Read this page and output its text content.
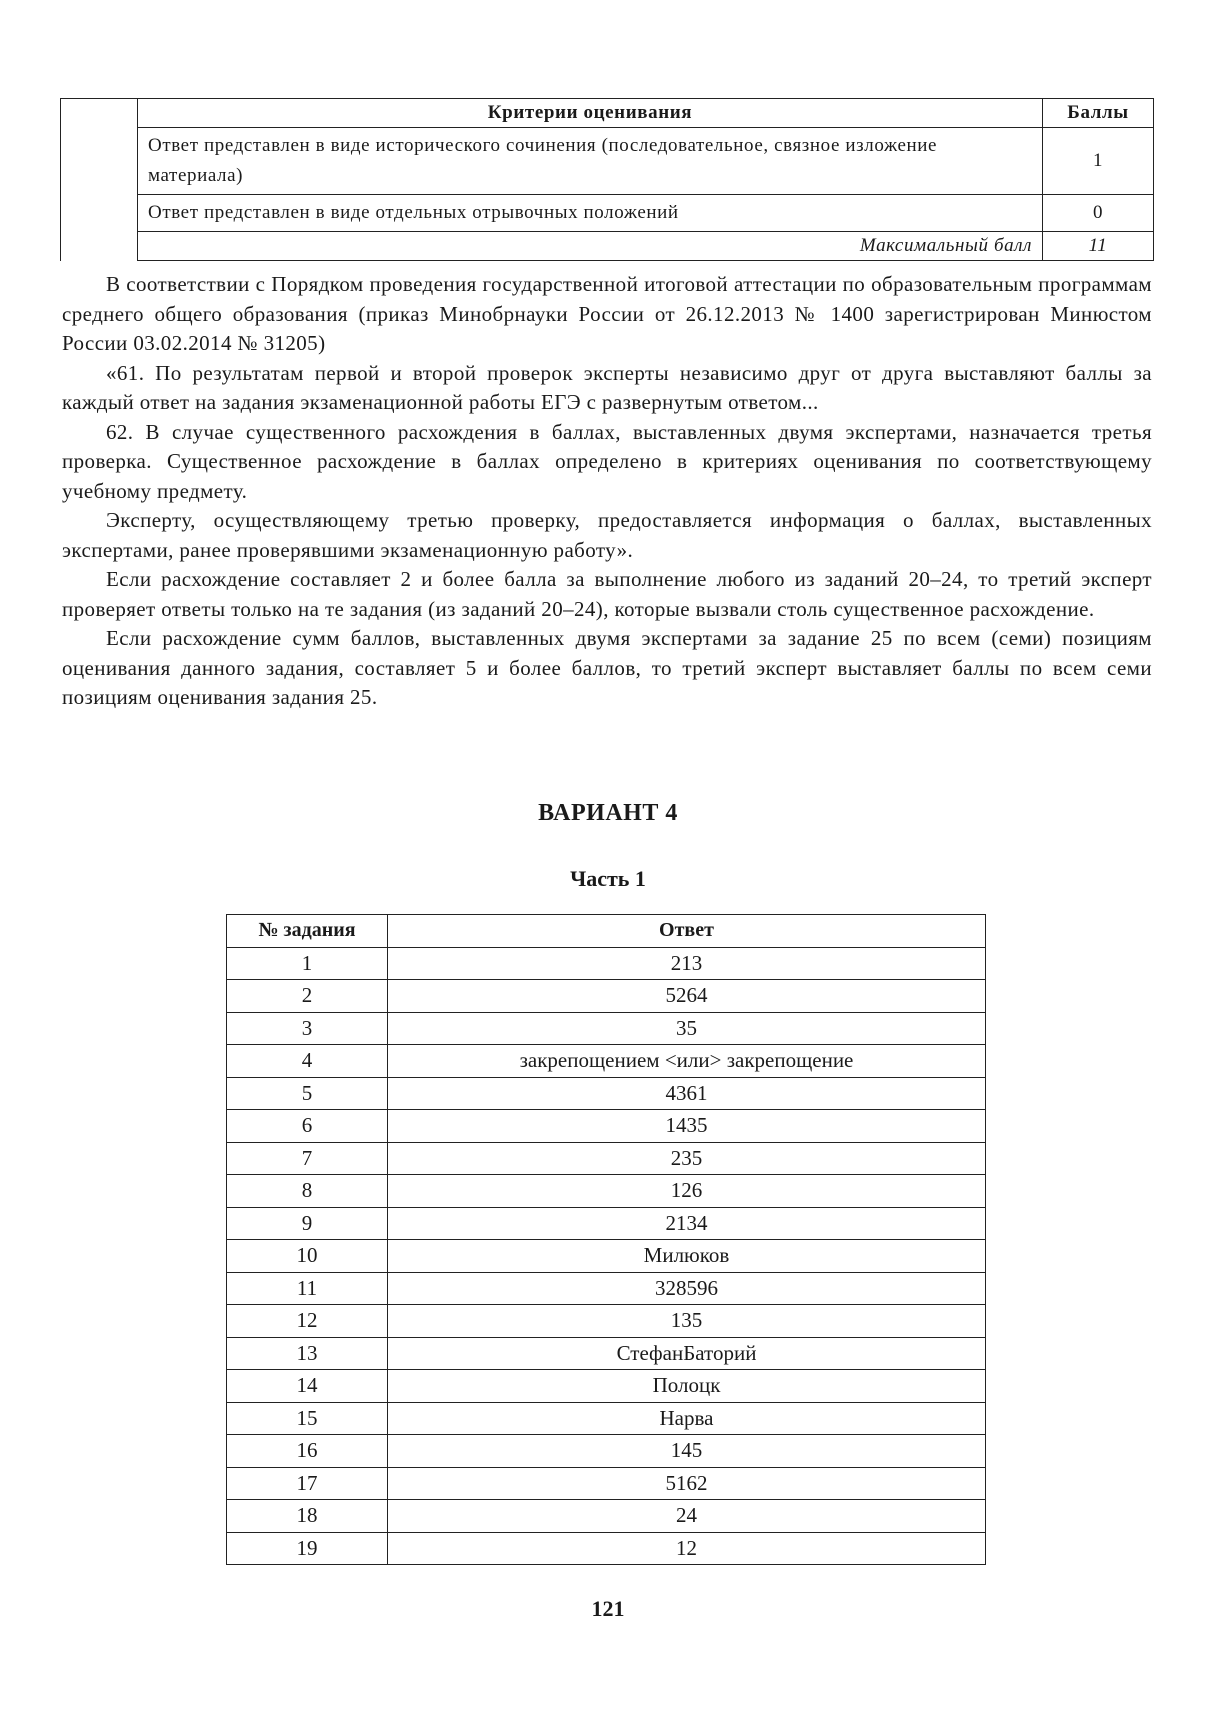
	Критерии оценивания	Баллы
	Ответ представлен в виде исторического сочинения (последовательное, связное изложение материала)	1
	Ответ представлен в виде отдельных отрывочных положений	0
	Максимальный балл	11

В соответствии с Порядком проведения государственной итоговой аттестации по образовательным программам среднего общего образования (приказ Минобрнауки России от 26.12.2013 № 1400 зарегистрирован Минюстом России 03.02.2014 № 31205)

«61. По результатам первой и второй проверок эксперты независимо друг от друга выставляют баллы за каждый ответ на задания экзаменационной работы ЕГЭ с развернутым ответом...

62. В случае существенного расхождения в баллах, выставленных двумя экспертами, назначается третья проверка. Существенное расхождение в баллах определено в критериях оценивания по соответствующему учебному предмету.

Эксперту, осуществляющему третью проверку, предоставляется информация о баллах, выставленных экспертами, ранее проверявшими экзаменационную работу».

Если расхождение составляет 2 и более балла за выполнение любого из заданий 20–24, то третий эксперт проверяет ответы только на те задания (из заданий 20–24), которые вызвали столь существенное расхождение.

Если расхождение сумм баллов, выставленных двумя экспертами за задание 25 по всем (семи) позициям оценивания данного задания, составляет 5 и более баллов, то третий эксперт выставляет баллы по всем семи позициям оценивания задания 25.

ВАРИАНТ 4
Часть 1
№ задания	Ответ
1	213
2	5264
3	35
4	закрепощением <или> закрепощение
5	4361
6	1435
7	235
8	126
9	2134
10	Милюков
11	328596
12	135
13	СтефанБаторий
14	Полоцк
15	Нарва
16	145
17	5162
18	24
19	12
121
